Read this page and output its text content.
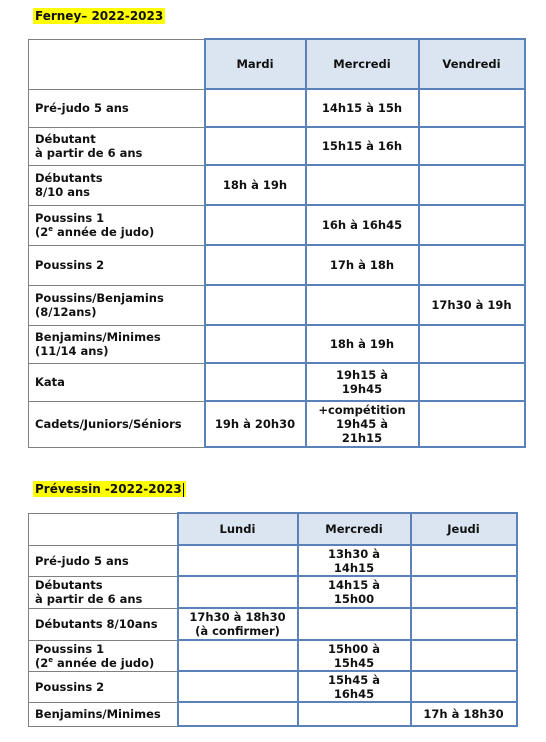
Ferney– 2022-2023
	Mardi	Mercredi	Vendredi
Pré-judo 5 ans		14h15 à 15h	
Débutant
à partir de 6 ans		15h15 à 16h	
Débutants
8/10 ans	18h à 19h		
Poussins 1
(2e année de judo)		16h à 16h45	
Poussins 2		17h à 18h	
Poussins/Benjamins
(8/12ans)			17h30 à 19h
Benjamins/Minimes
(11/14 ans)		18h à 19h	
Kata		19h15 à
19h45	
Cadets/Juniors/Séniors	19h à 20h30	+compétition
19h45 à
21h15	
Prévessin -2022-2023
	Lundi	Mercredi	Jeudi
Pré-judo 5 ans		13h30 à
14h15	
Débutants
à partir de 6 ans		14h15 à
15h00	
Débutants 8/10ans	17h30 à 18h30
(à confirmer)		
Poussins 1
(2e année de judo)		15h00 à
15h45	
Poussins 2		15h45 à
16h45	
Benjamins/Minimes			17h à 18h30
